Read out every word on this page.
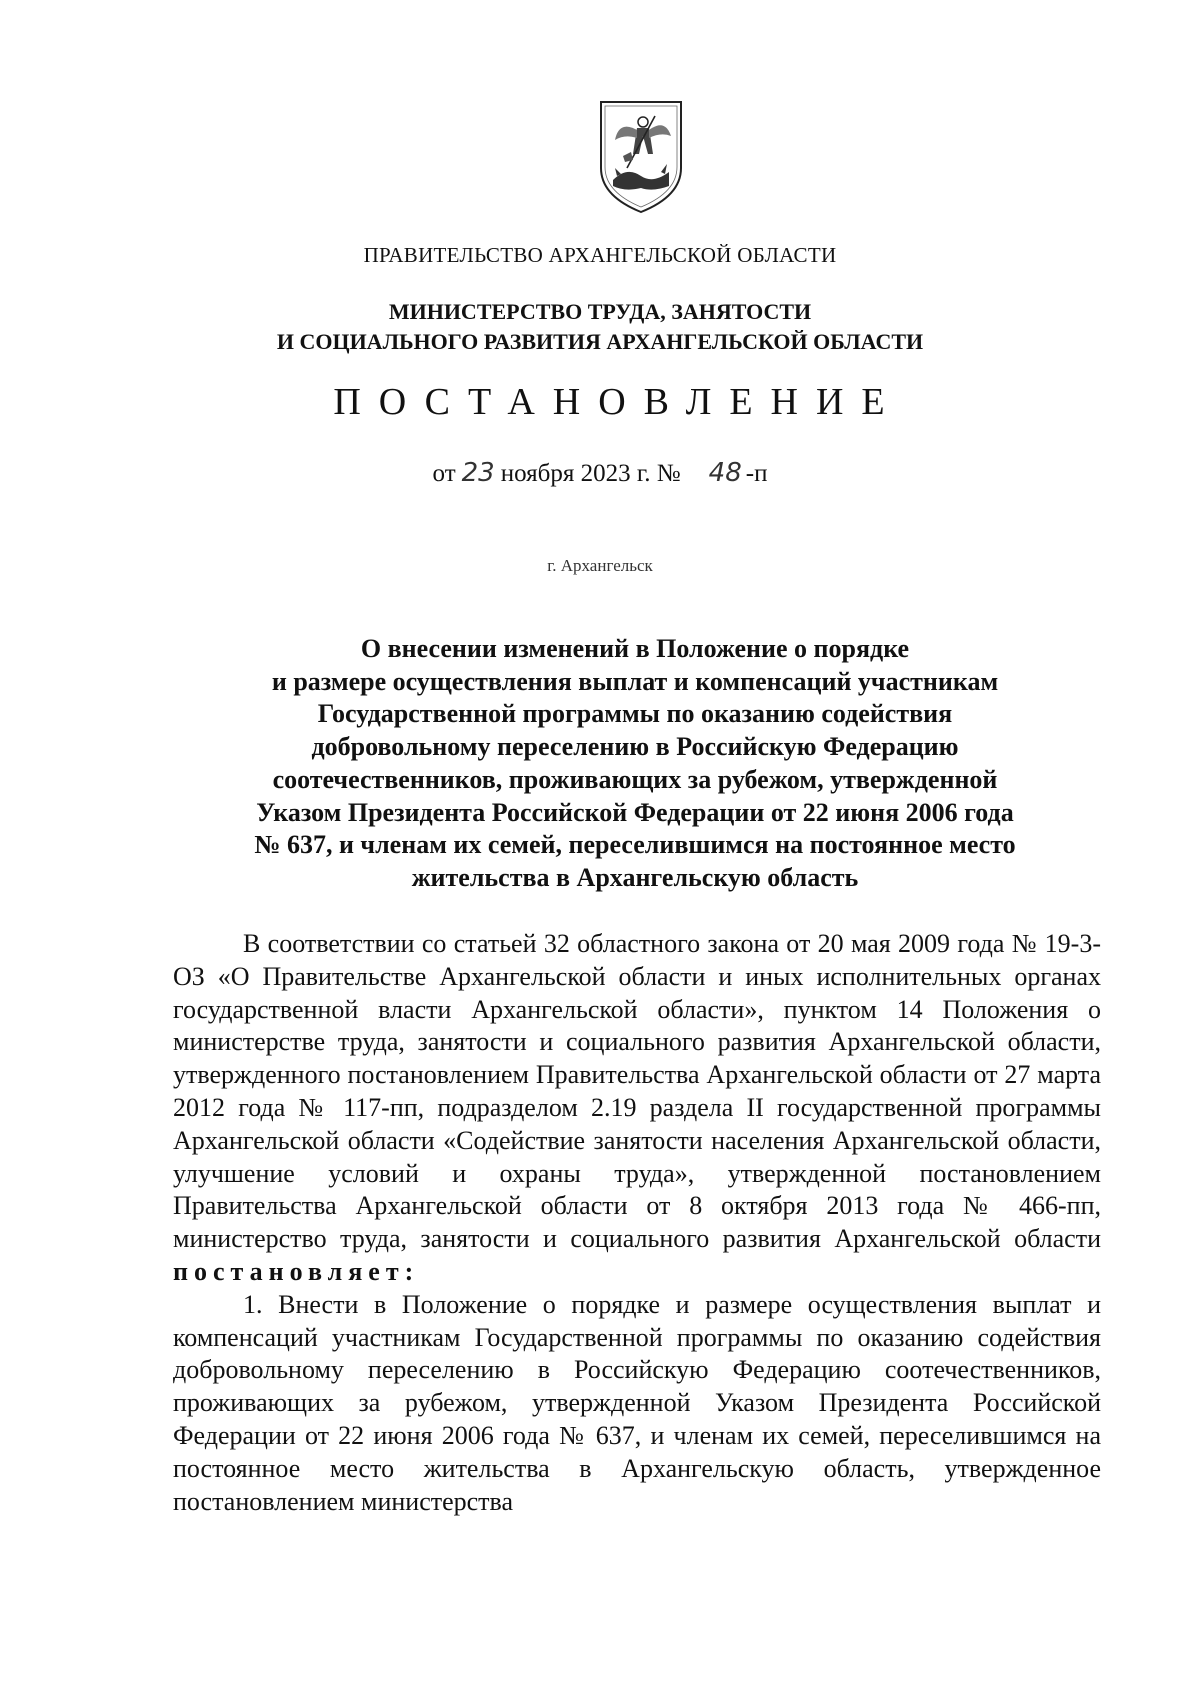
ПРАВИТЕЛЬСТВО АРХАНГЕЛЬСКОЙ ОБЛАСТИ
МИНИСТЕРСТВО ТРУДА, ЗАНЯТОСТИ
И СОЦИАЛЬНОГО РАЗВИТИЯ АРХАНГЕЛЬСКОЙ ОБЛАСТИ
ПОСТАНОВЛЕНИЕ
от 23 ноября 2023 г. № 48 -п
г. Архангельск
О внесении изменений в Положение о порядке
и размере осуществления выплат и компенсаций участникам
Государственной программы по оказанию содействия
добровольному переселению в Российскую Федерацию
соотечественников, проживающих за рубежом, утвержденной
Указом Президента Российской Федерации от 22 июня 2006 года
№ 637, и членам их семей, переселившимся на постоянное место
жительства в Архангельскую область

В соответствии со статьей 32 областного закона от 20 мая 2009 года № 19-3-ОЗ «О Правительстве Архангельской области и иных исполнительных органах государственной власти Архангельской области», пунктом 14 Положения о министерстве труда, занятости и социального развития Архангельской области, утвержденного постановлением Правительства Архангельской области от 27 марта 2012 года № 117-пп, подразделом 2.19 раздела II государственной программы Архангельской области «Содействие занятости населения Архангельской области, улучшение условий и охраны труда», утвержденной постановлением Правительства Архангельской области от 8 октября 2013 года № 466-пп, министерство труда, занятости и социального развития Архангельской области постановляет:

1. Внести в Положение о порядке и размере осуществления выплат и компенсаций участникам Государственной программы по оказанию содействия добровольному переселению в Российскую Федерацию соотечественников, проживающих за рубежом, утвержденной Указом Президента Российской Федерации от 22 июня 2006 года № 637, и членам их семей, переселившимся на постоянное место жительства в Архангельскую область, утвержденное постановлением министерства
